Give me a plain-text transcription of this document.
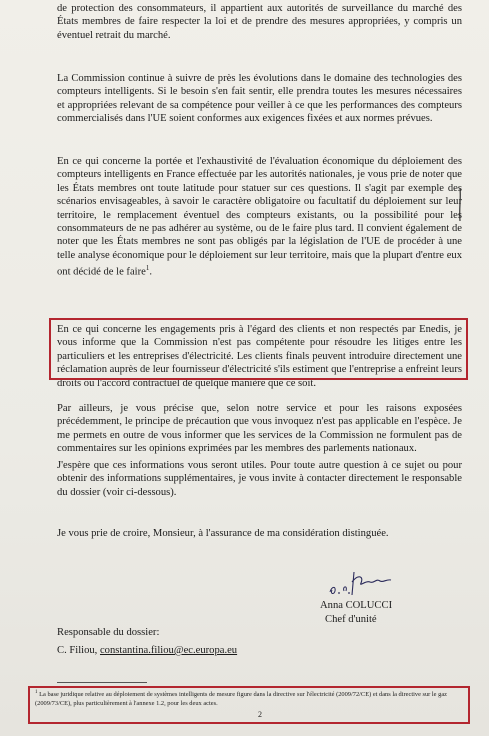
de protection des consommateurs, il appartient aux autorités de surveillance du marché des États membres de faire respecter la loi et de prendre des mesures appropriées, y compris un éventuel retrait du marché.

La Commission continue à suivre de près les évolutions dans le domaine des technologies des compteurs intelligents. Si le besoin s'en fait sentir, elle prendra toutes les mesures nécessaires et appropriées relevant de sa compétence pour veiller à ce que les performances des compteurs commercialisés dans l'UE soient conformes aux exigences fixées et aux normes prévues.

En ce qui concerne la portée et l'exhaustivité de l'évaluation économique du déploiement des compteurs intelligents en France effectuée par les autorités nationales, je vous prie de noter que les États membres ont toute latitude pour statuer sur ces questions. Il s'agit par exemple des scénarios envisageables, à savoir le caractère obligatoire ou facultatif du déploiement sur leur territoire, le remplacement éventuel des compteurs existants, ou la possibilité pour les consommateurs de ne pas adhérer au système, ou de le faire plus tard. Il convient également de noter que les États membres ne sont pas obligés par la législation de l'UE de procéder à une telle analyse économique pour le déploiement sur leur territoire, mais que la plupart d'entre eux ont décidé de le faire$^1$.

En ce qui concerne les engagements pris à l'égard des clients et non respectés par Enedis, je vous informe que la Commission n'est pas compétente pour résoudre les litiges entre les particuliers et les entreprises d'électricité. Les clients finals peuvent introduire directement une réclamation auprès de leur fournisseur d'électricité s'ils estiment que l'entreprise a enfreint leurs droits ou l'accord contractuel de quelque manière que ce soit.

Par ailleurs, je vous précise que, selon notre service et pour les raisons exposées précédemment, le principe de précaution que vous invoquez n'est pas applicable en l'espèce. Je me permets en outre de vous informer que les services de la Commission ne formulent pas de commentaires sur les opinions exprimées par les membres des parlements nationaux.

J'espère que ces informations vous seront utiles. Pour toute autre question à ce sujet ou pour obtenir des informations supplémentaires, je vous invite à contacter directement le responsable du dossier (voir ci-dessous).

Je vous prie de croire, Monsieur, à l'assurance de ma considération distinguée.

Anna COLUCCI
Chef d'unité
Responsable du dossier:
C. Filiou, constantina.filiou@ec.europa.eu

$^1$ La base juridique relative au déploiement de systèmes intelligents de mesure figure dans la directive sur l'électricité (2009/72/CE) et dans la directive sur le gaz (2009/73/CE), plus particulièrement à l'annexe 1.2, pour les deux actes.

2
